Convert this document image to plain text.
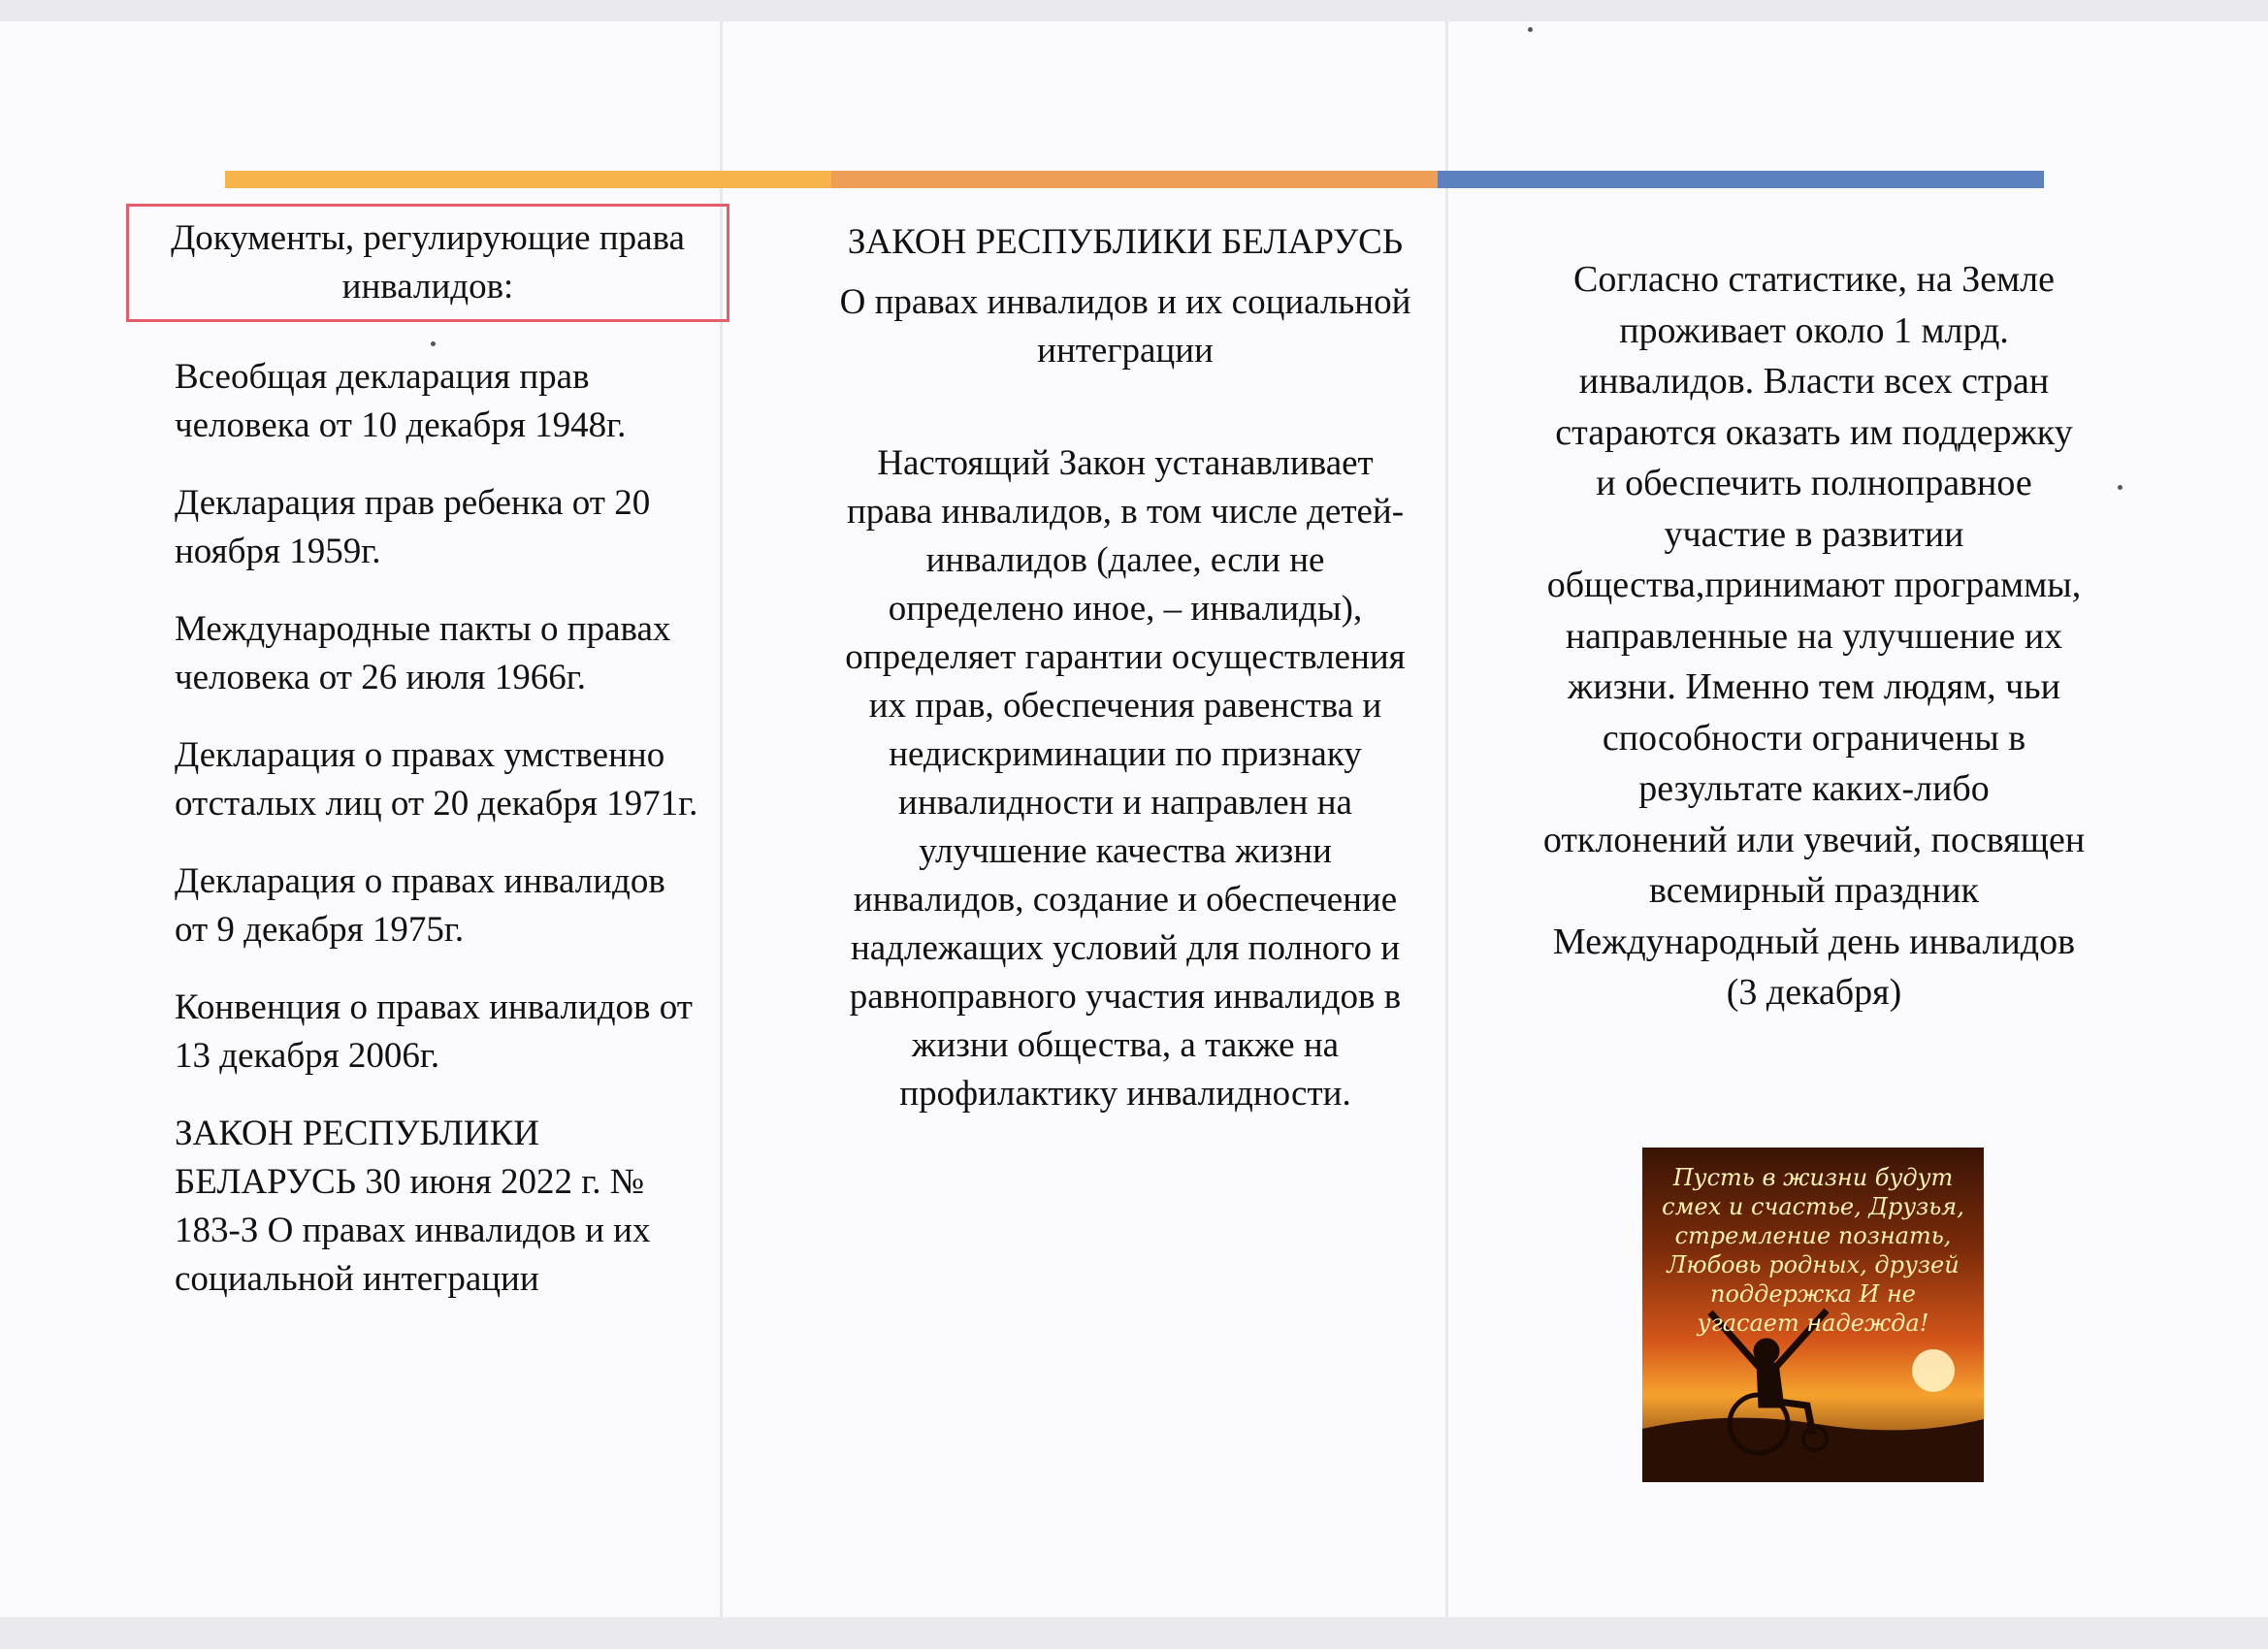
Документы, регулирующие права инвалидов:
Всеобщая декларация прав человека от 10 декабря 1948г.
Декларация прав ребенка от 20 ноября 1959г.
Международные пакты о правах человека от 26 июля 1966г.
Декларация о правах умственно отсталых лиц от 20 декабря 1971г.
Декларация о правах инвалидов от 9 декабря 1975г.
Конвенция о правах инвалидов от 13 декабря 2006г.
ЗАКОН РЕСПУБЛИКИ БЕЛАРУСЬ 30 июня 2022 г. № 183-З О правах инвалидов и их социальной интеграции
ЗАКОН РЕСПУБЛИКИ БЕЛАРУСЬ
О правах инвалидов и их социальной интеграции
Настоящий Закон устанавливает права инвалидов, в том числе детей-инвалидов (далее, если не определено иное, – инвалиды), определяет гарантии осуществления их прав, обеспечения равенства и недискриминации по признаку инвалидности и направлен на улучшение качества жизни инвалидов, создание и обеспечение надлежащих условий для полного и равноправного участия инвалидов в жизни общества, а также на профилактику инвалидности.
Согласно статистике, на Земле проживает около 1 млрд. инвалидов. Власти всех стран стараются оказать им поддержку и обеспечить полноправное участие в развитии общества,принимают программы, направленные на улучшение их жизни. Именно тем людям, чьи способности ограничены в результате каких-либо отклонений или увечий, посвящен всемирный праздник Международный день инвалидов (3 декабря)
Пусть в жизни будут смех и счастье, Друзья, стремление познать, Любовь родных, друзей поддержка И не угасает надежда!
